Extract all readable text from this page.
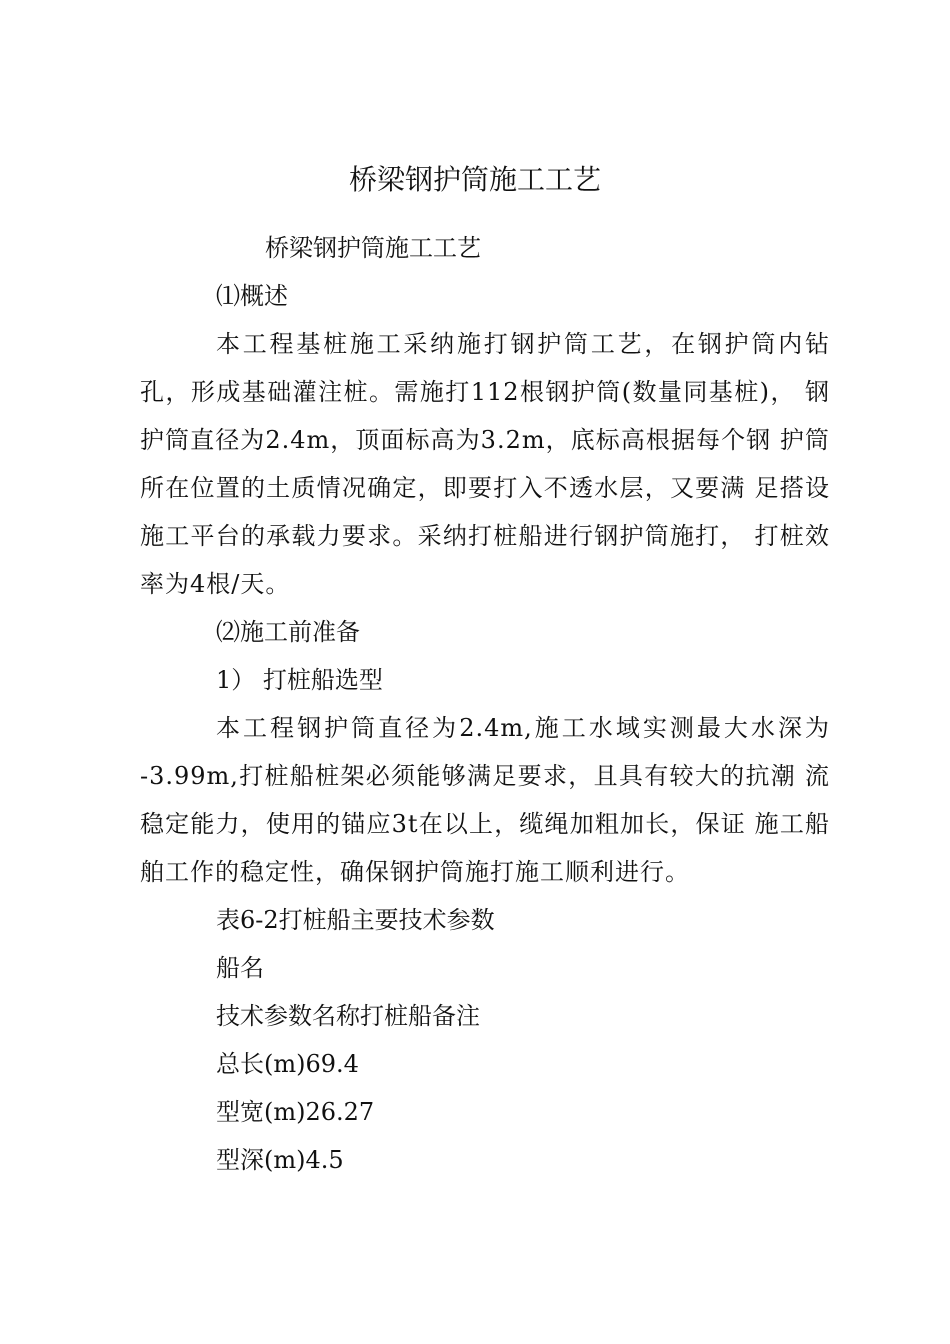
桥梁钢护筒施工工艺

桥梁钢护筒施工工艺

⑴概述

本工程基桩施工采纳施打钢护筒工艺，在钢护筒内钻孔，形成基础灌注桩。需施打112根钢护筒(数量同基桩)， 钢护筒直径为2.4m，顶面标高为3.2m，底标高根据每个钢 护筒所在位置的土质情况确定，即要打入不透水层，又要满 足搭设施工平台的承载力要求。采纳打桩船进行钢护筒施打， 打桩效率为4根/天。

⑵施工前准备

1） 打桩船选型

本工程钢护筒直径为2.4m,施工水域实测最大水深为 -3.99m,打桩船桩架必须能够满足要求，且具有较大的抗潮 流稳定能力，使用的锚应3t在以上，缆绳加粗加长，保证 施工船舶工作的稳定性，确保钢护筒施打施工顺利进行。

表6-2打桩船主要技术参数

船名

技术参数名称打桩船备注

总长(m)69.4

型宽(m)26.27

型深(m)4.5
